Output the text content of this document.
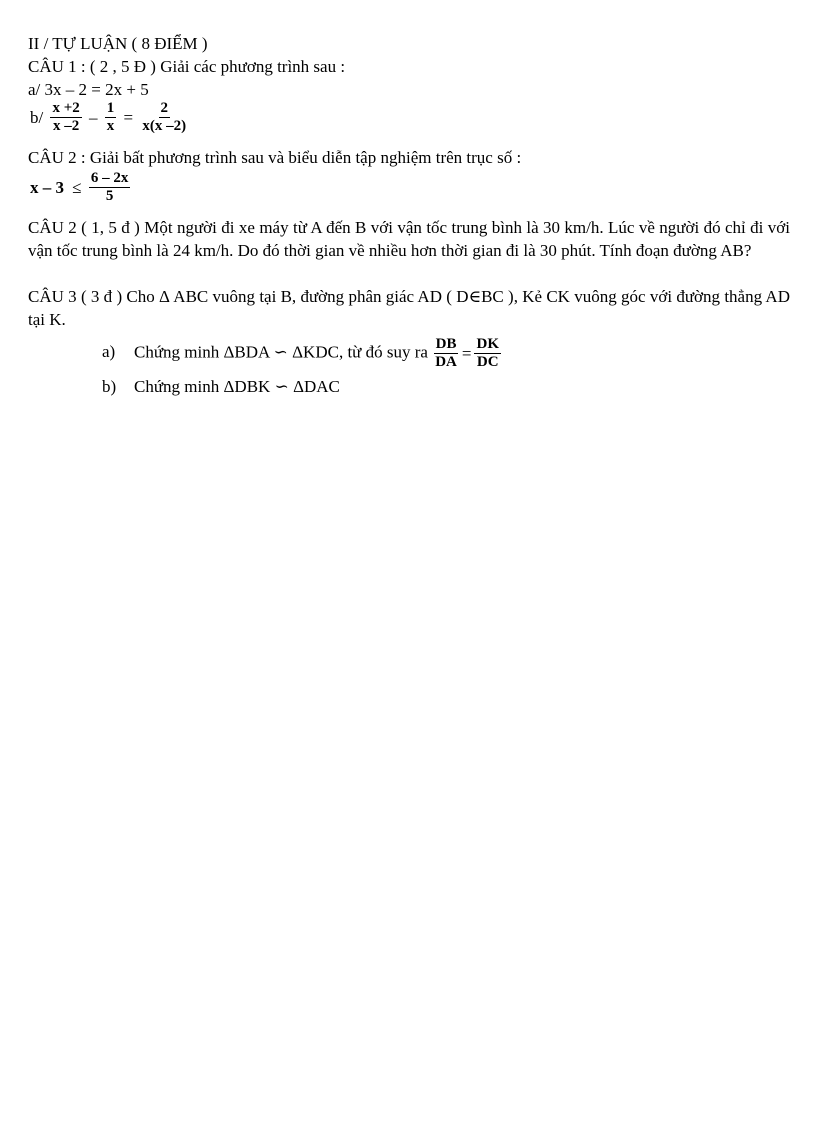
II / TỰ LUẬN ( 8 ĐIỂM )
CÂU 1 : ( 2 , 5 Đ ) Giải các phương trình sau :
a/ 3x – 2 = 2x + 5
$b/ \frac{x +2}{x -2} - \frac{1}{x} = \frac{2}{x(x -2)}$
CÂU 2 : Giải bất phương trình sau và biểu diễn tập nghiệm trên trục số :
$x - 3 \le \frac{6 - 2x}{5}$
CÂU 2 ( 1, 5 đ ) Một người đi xe máy từ A đến B với vận tốc trung bình là 30 km/h. Lúc về người đó chỉ đi với vận tốc trung bình là 24 km/h. Do đó thời gian về nhiều hơn thời gian đi là 30 phút. Tính đoạn đường AB?
CÂU 3 ( 3 đ ) Cho Δ ABC vuông tại B, đường phân giác AD ( D∈BC ), Kẻ CK vuông góc với đường thẳng AD tại K.
a) Chứng minh ΔBDA ∽ ΔKDC, từ đó suy ra $\frac{DB}{DA} = \frac{DK}{DC}$
b) Chứng minh ΔDBK ∽ ΔDAC
